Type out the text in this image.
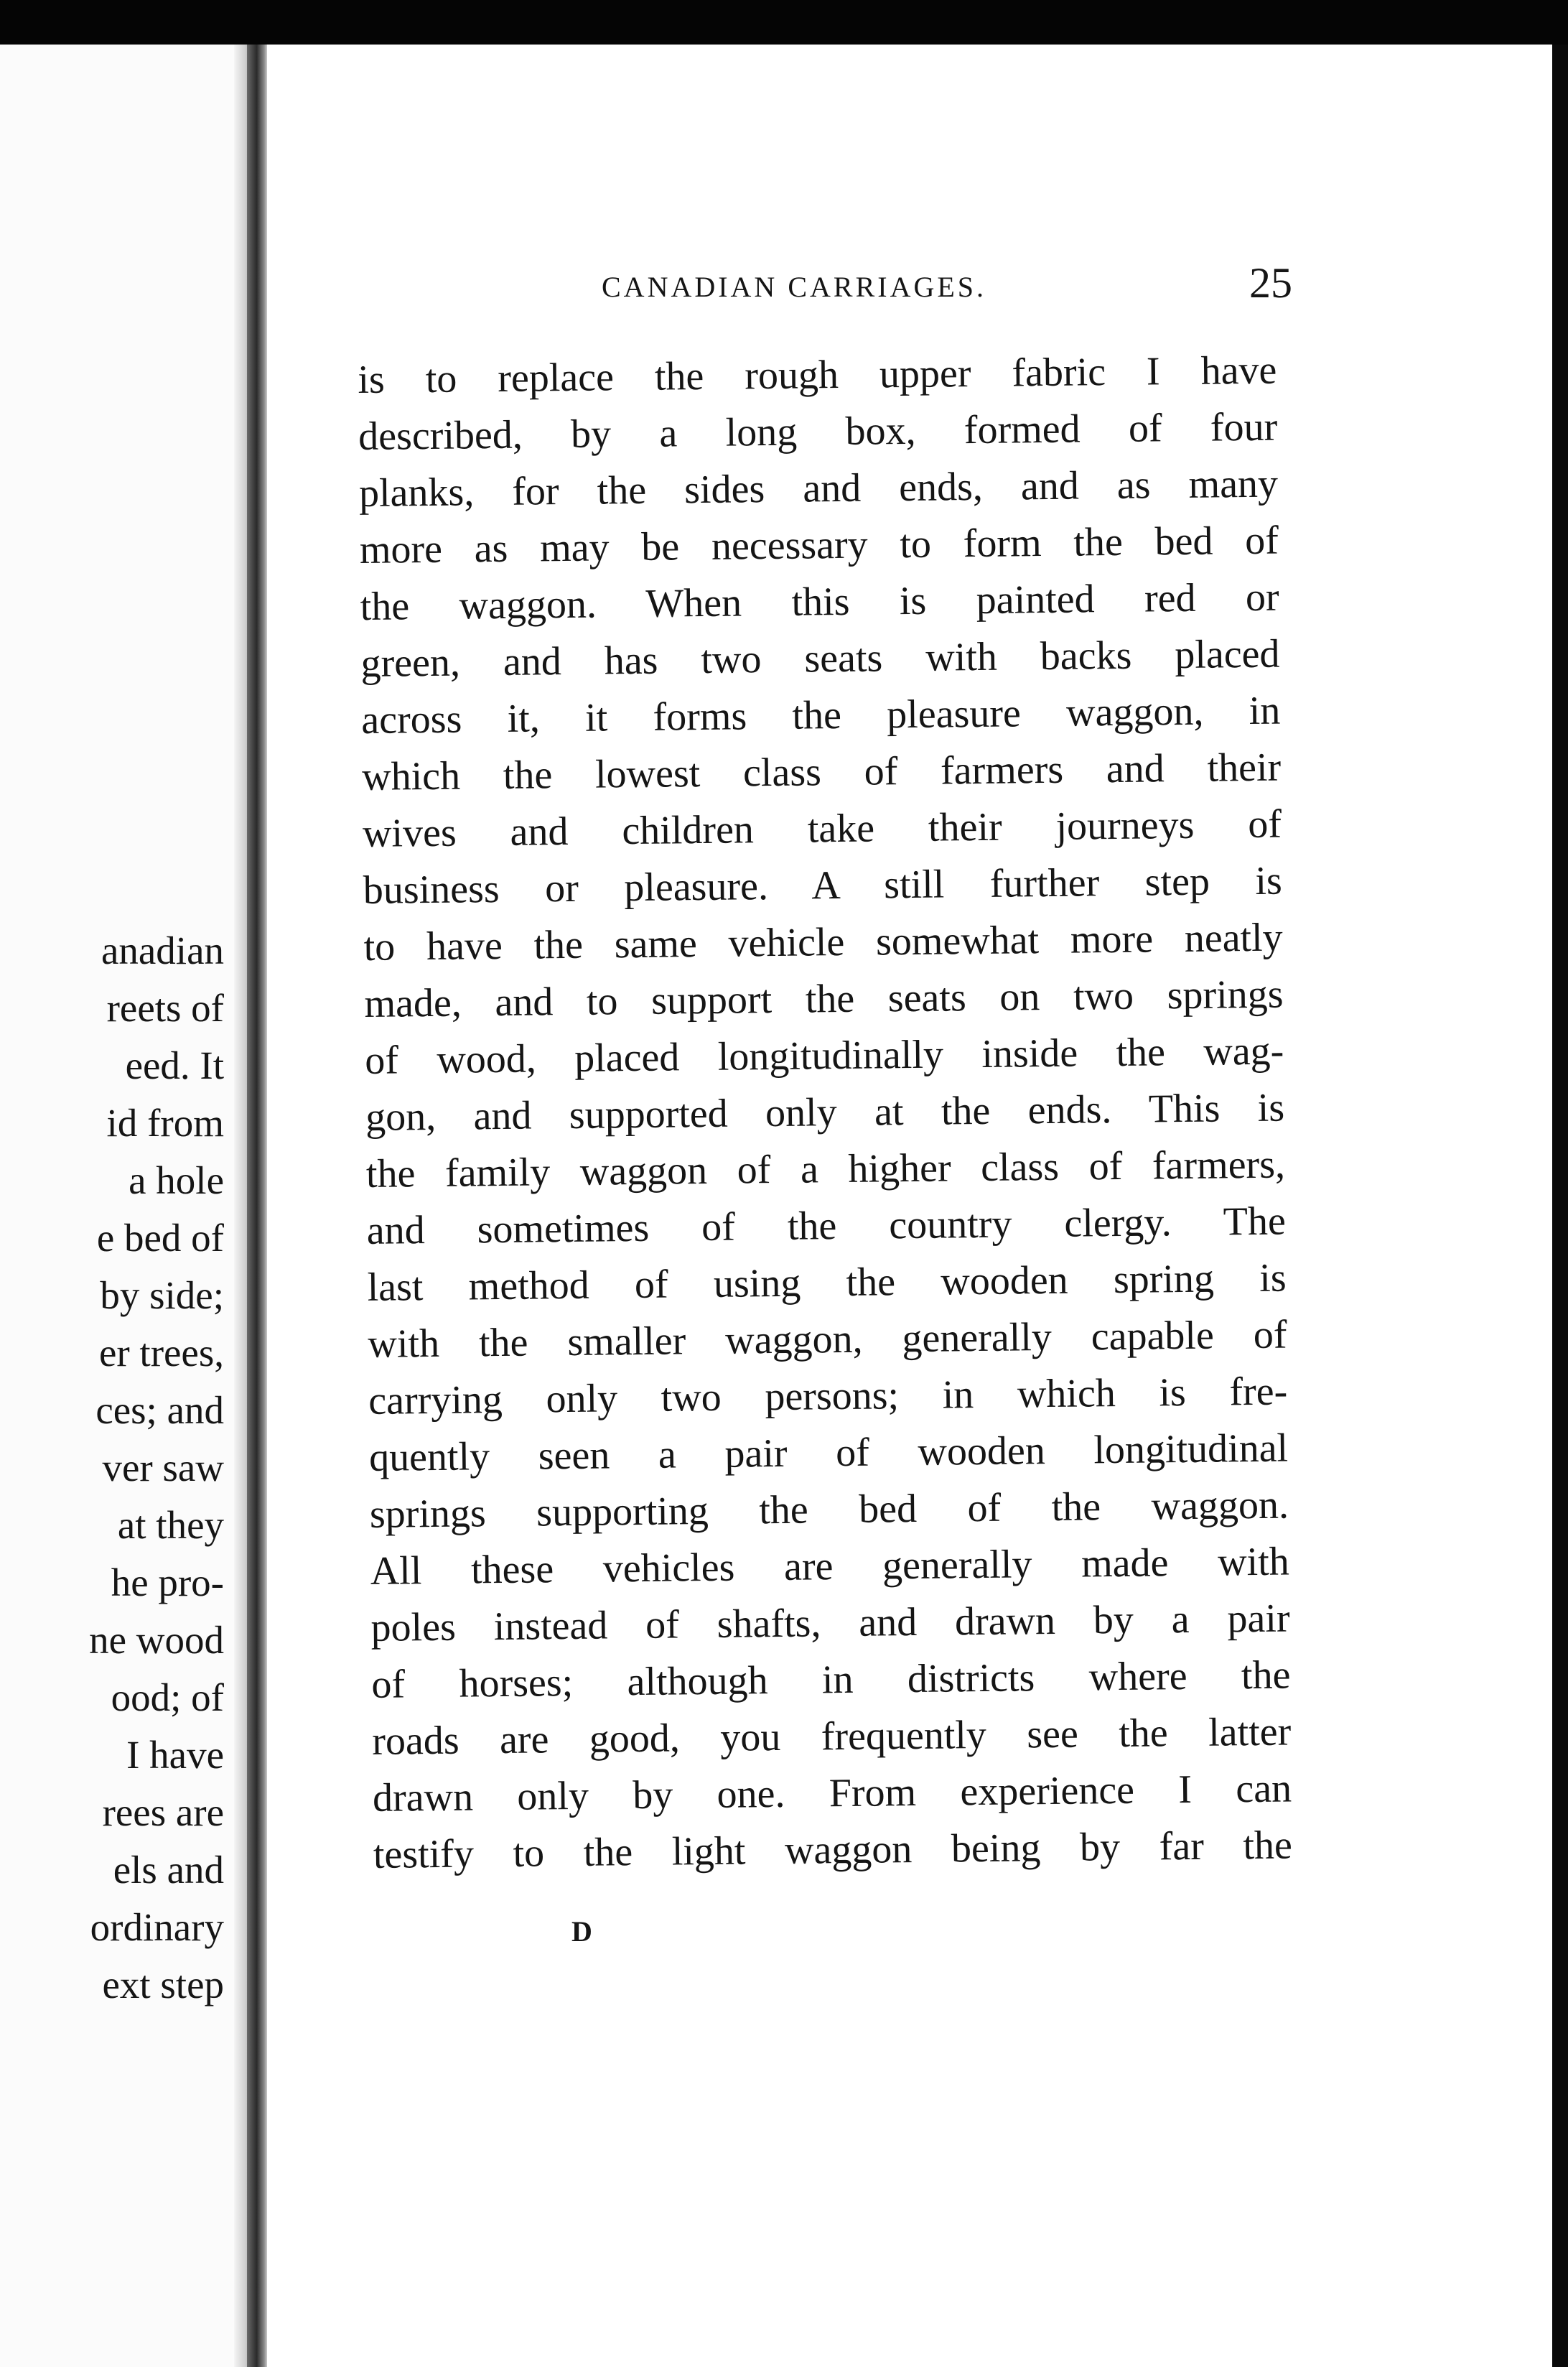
anadian
reets of
eed. It
id from
a hole
e bed of
by side;
er trees,
ces; and
ver saw
at they
he pro-
ne wood
ood; of
I have
rees are
els and
ordinary
ext step
CANADIAN CARRIAGES.	25
is to replace the rough upper fabric I have
described, by a long box, formed of four
planks, for the sides and ends, and as many
more as may be necessary to form the bed of
the waggon. When this is painted red or
green, and has two seats with backs placed
across it, it forms the pleasure waggon, in
which the lowest class of farmers and their
wives and children take their journeys of
business or pleasure. A still further step is
to have the same vehicle somewhat more neatly
made, and to support the seats on two springs
of wood, placed longitudinally inside the wag-
gon, and supported only at the ends. This is
the family waggon of a higher class of farmers,
and sometimes of the country clergy. The
last method of using the wooden spring is
with the smaller waggon, generally capable of
carrying only two persons; in which is fre-
quently seen a pair of wooden longitudinal
springs supporting the bed of the waggon.
All these vehicles are generally made with
poles instead of shafts, and drawn by a pair
of horses; although in districts where the
roads are good, you frequently see the latter
drawn only by one. From experience I can
testify to the light waggon being by far the
D
